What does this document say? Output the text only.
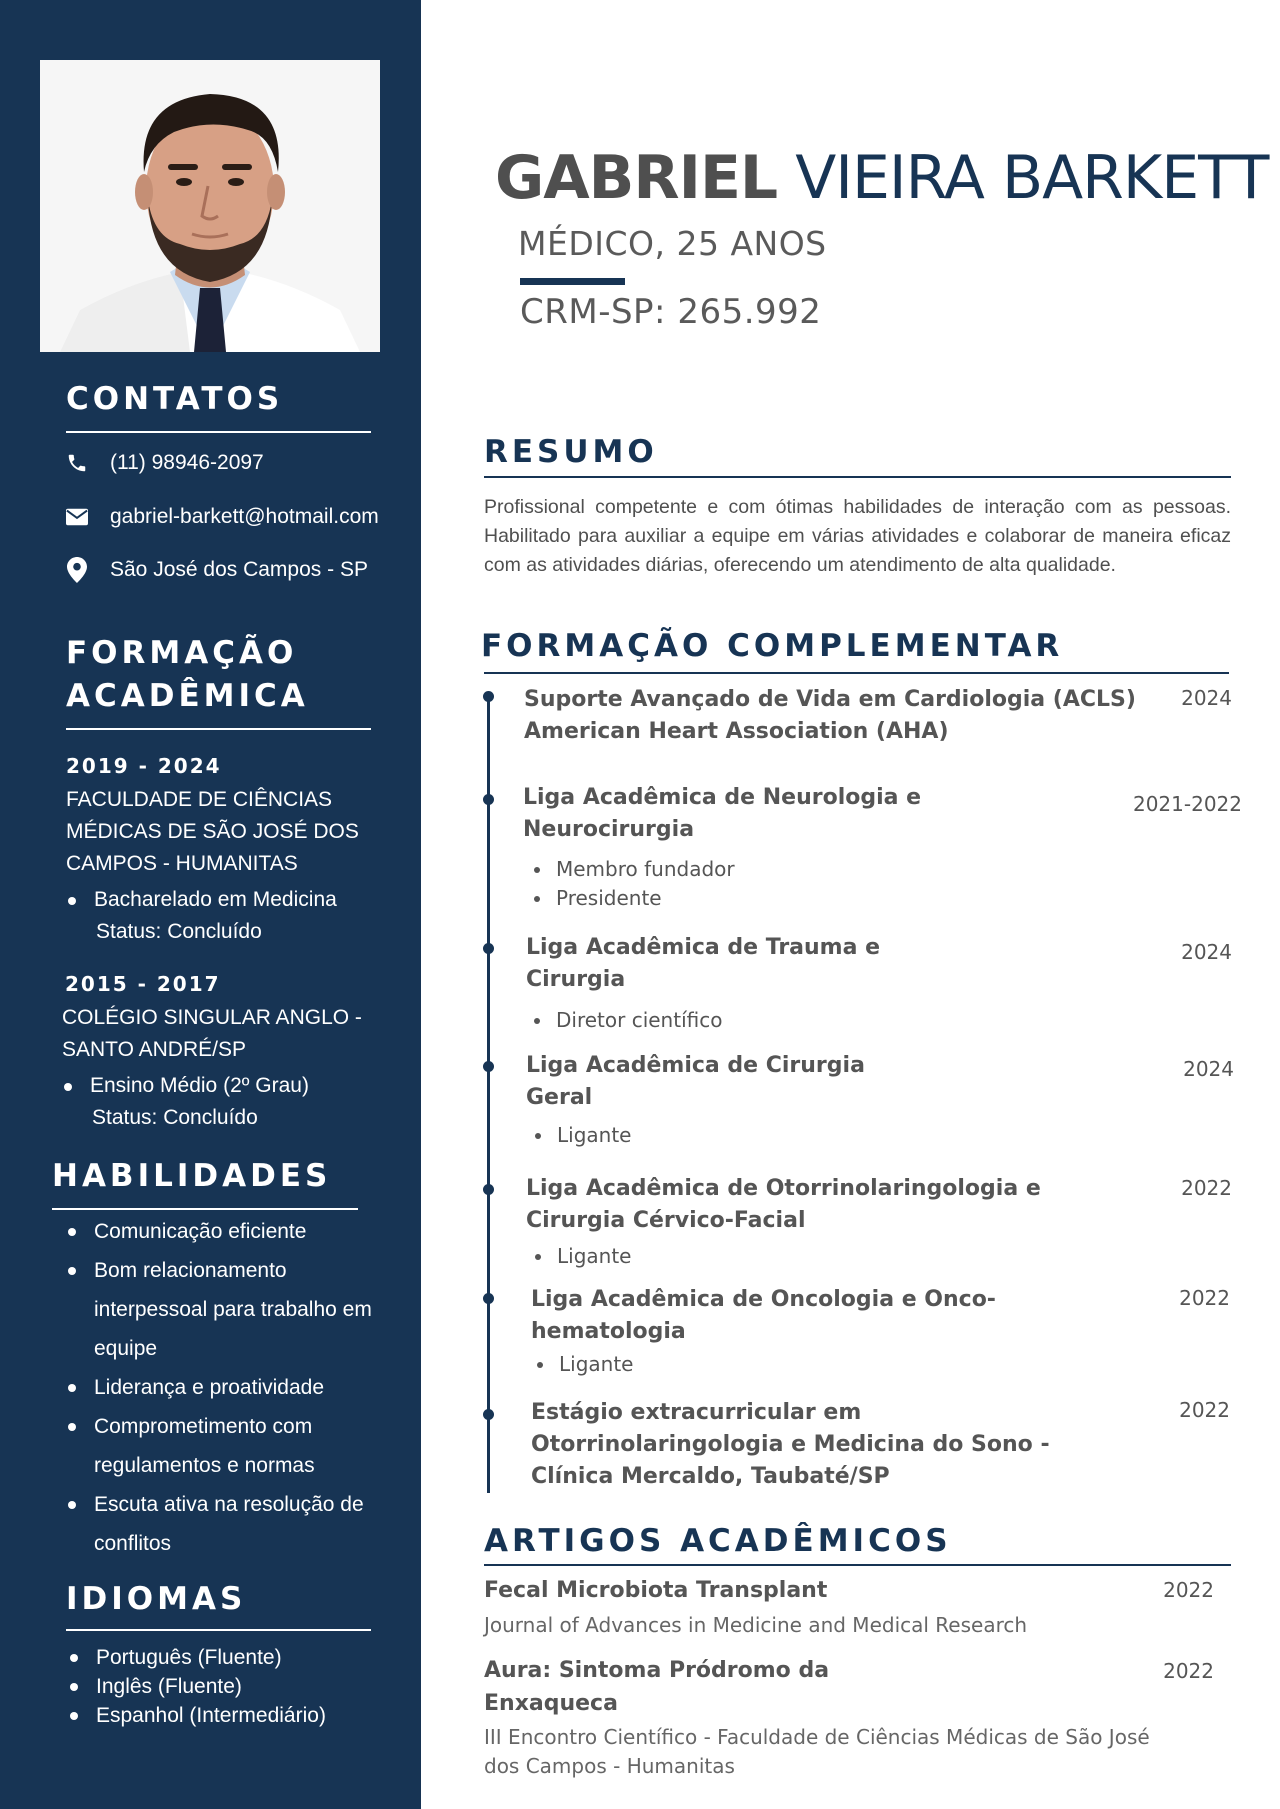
CONTATOS
(11) 98946-2097
gabriel-barkett@hotmail.com
São José dos Campos - SP
FORMAÇÃO
ACADÊMICA
2019 - 2024
FACULDADE DE CIÊNCIAS
MÉDICAS DE SÃO JOSÉ DOS
CAMPOS - HUMANITAS
Bacharelado em Medicina
Status: Concluído
2015 - 2017
COLÉGIO SINGULAR ANGLO -
SANTO ANDRÉ/SP
Ensino Médio (2º Grau)
Status: Concluído
HABILIDADES
Comunicação eficiente
Bom relacionamento
interpessoal para trabalho em
equipe
Liderança e proatividade
Comprometimento com
regulamentos e normas
Escuta ativa na resolução de
conflitos
IDIOMAS
Português (Fluente)
Inglês (Fluente)
Espanhol (Intermediário)
GABRIEL VIEIRA BARKETT
MÉDICO, 25 ANOS
CRM-SP: 265.992
RESUMO
Profissional competente e com ótimas habilidades de interação com as pessoas. Habilitado para auxiliar a equipe em várias atividades e colaborar de maneira eficaz com as atividades diárias, oferecendo um atendimento de alta qualidade.
FORMAÇÃO COMPLEMENTAR
Suporte Avançado de Vida em Cardiologia (ACLS)
American Heart Association (AHA)
2024
Liga Acadêmica de Neurologia e
Neurocirurgia
2021-2022
Membro fundador
Presidente
Liga Acadêmica de Trauma e
Cirurgia
2024
Diretor científico
Liga Acadêmica de Cirurgia
Geral
2024
Ligante
Liga Acadêmica de Otorrinolaringologia e
Cirurgia Cérvico-Facial
2022
Ligante
Liga Acadêmica de Oncologia e Onco-
hematologia
2022
Ligante
Estágio extracurricular em
Otorrinolaringologia e Medicina do Sono -
Clínica Mercaldo, Taubaté/SP
2022
ARTIGOS ACADÊMICOS
Fecal Microbiota Transplant	2022
Journal of Advances in Medicine and Medical Research
Aura: Sintoma Pródromo da
Enxaqueca
2022
III Encontro Científico - Faculdade de Ciências Médicas de São José
dos Campos - Humanitas
